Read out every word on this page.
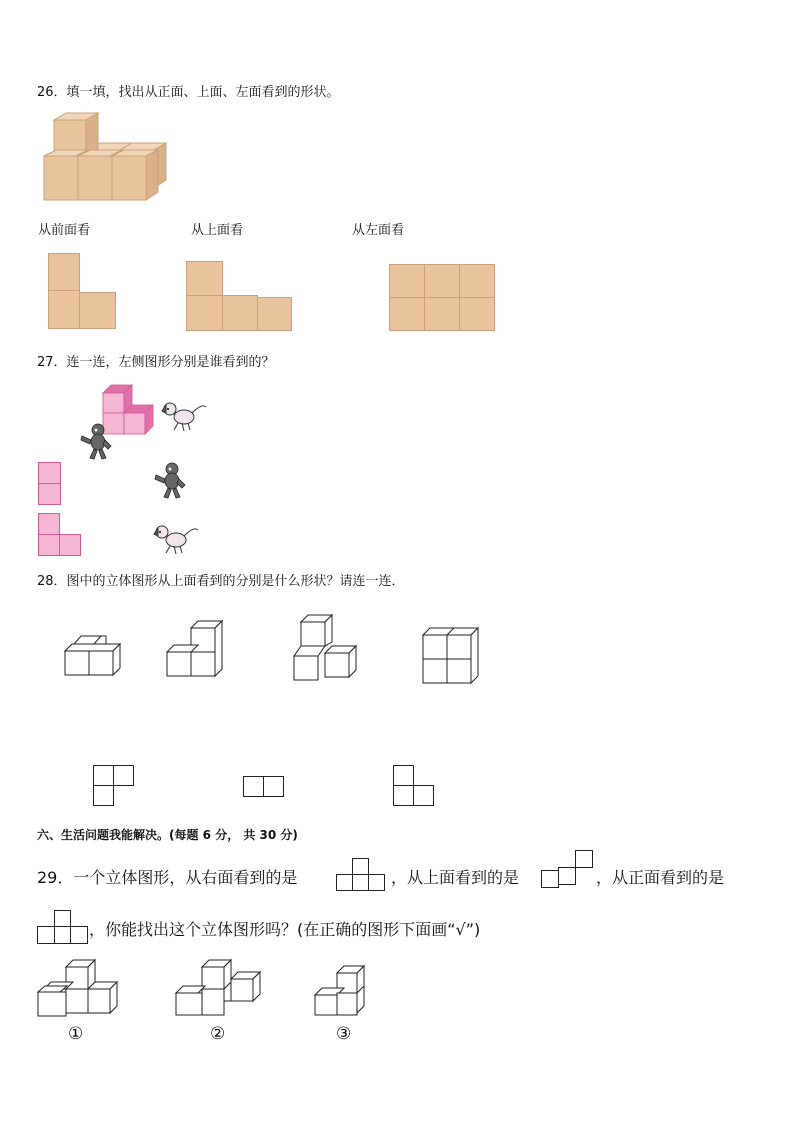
26．填一填，找出从正面、上面、左面看到的形状。
从前面看	从上面看	从左面看
27．连一连，左侧图形分别是谁看到的？
28．图中的立体图形从上面看到的分别是什么形状？请连一连．
六、生活问题我能解决。(每题 6 分， 共 30 分)
29．一个立体图形，从右面看到的是	，从上面看到的是	，从正面看到的是
，你能找出这个立体图形吗？(在正确的图形下面画“√”)
①	②	③
